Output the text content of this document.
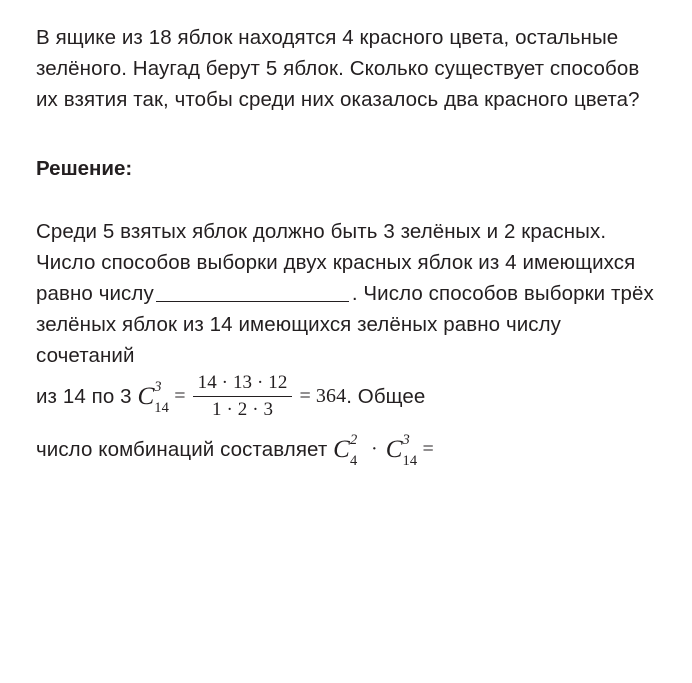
В ящике из 18 яблок находятся 4 красного цвета, остальные зелёного. Наугад берут 5 яблок. Сколько существует способов их взятия так, чтобы среди них оказалось два красного цвета?

Решение:

Среди 5 взятых яблок должно быть 3 зелёных и 2 красных. Число способов выборки двух красных яблок из 4 имеющихся равно числу	. Число способов выборки трёх зелёных яблок из 14 имеющихся зелёных равно числу сочетаний
из 14 по 3
C 3
14
= $\frac{14 \cdot 13 \cdot 12}{1 \cdot 2 \cdot 3} = 364$ . Общее
число комбинаций составляет
C 2
4
· C 3
14
=
